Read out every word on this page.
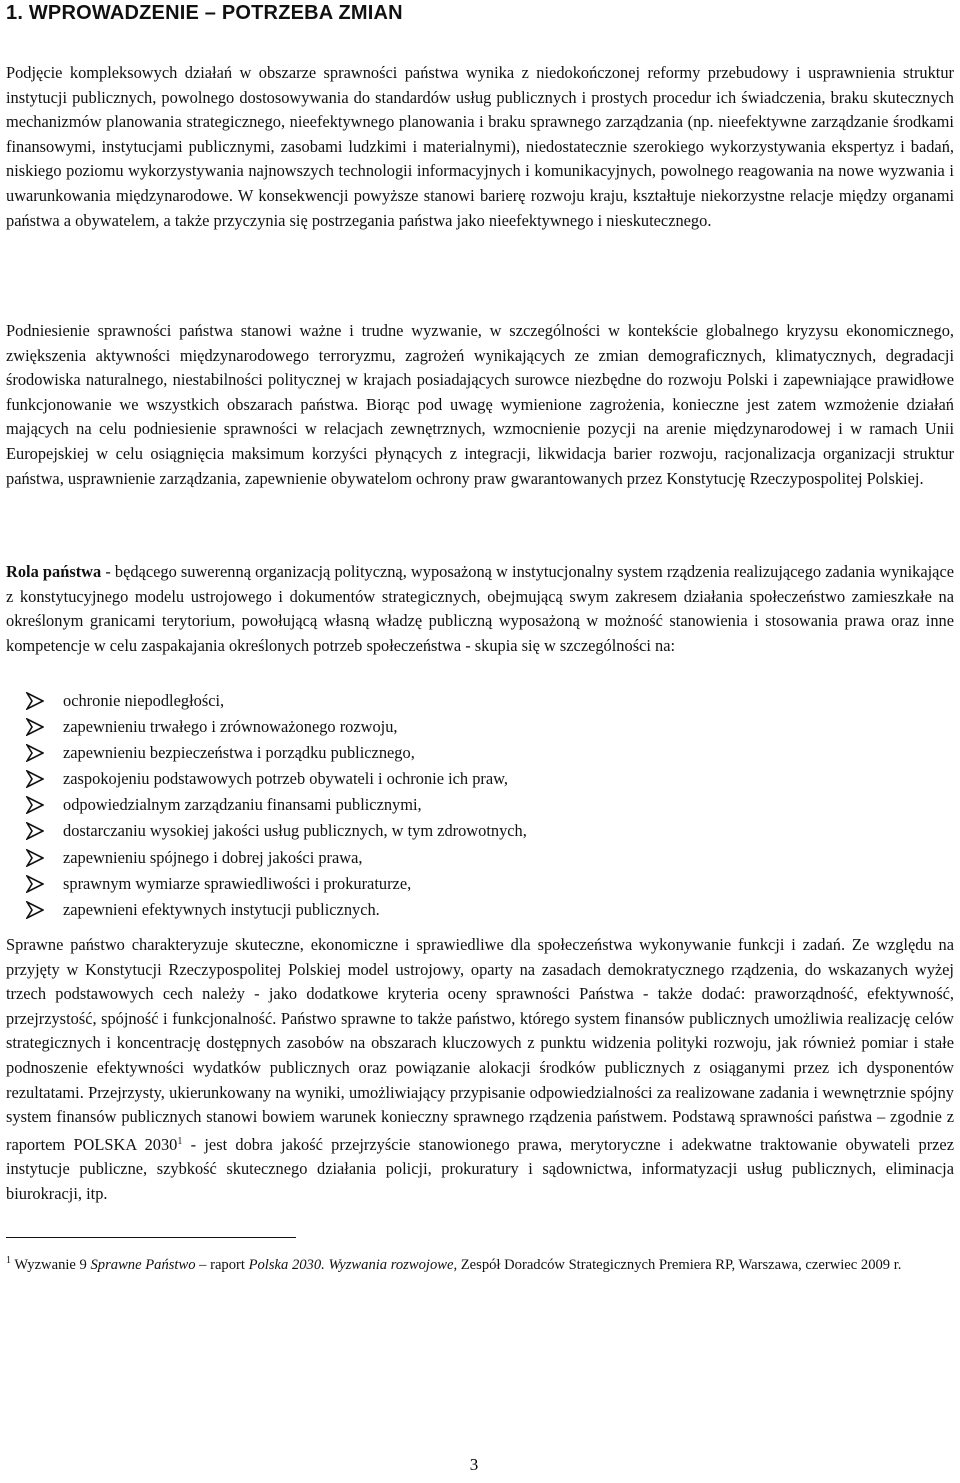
1. WPROWADZENIE – POTRZEBA ZMIAN

Podjęcie kompleksowych działań w obszarze sprawności państwa wynika z niedokończonej reformy przebudowy i usprawnienia struktur instytucji publicznych, powolnego dostosowywania do standardów usług publicznych i prostych procedur ich świadczenia, braku skutecznych mechanizmów planowania strategicznego, nieefektywnego planowania i braku sprawnego zarządzania (np. nieefektywne zarządzanie środkami finansowymi, instytucjami publicznymi, zasobami ludzkimi i materialnymi), niedostatecznie szerokiego wykorzystywania ekspertyz i badań, niskiego poziomu wykorzystywania najnowszych technologii informacyjnych i komunikacyjnych, powolnego reagowania na nowe wyzwania i uwarunkowania międzynarodowe. W konsekwencji powyższe stanowi barierę rozwoju kraju, kształtuje niekorzystne relacje między organami państwa a obywatelem, a także przyczynia się postrzegania państwa jako nieefektywnego i nieskutecznego.

Podniesienie sprawności państwa stanowi ważne i trudne wyzwanie, w szczególności w kontekście globalnego kryzysu ekonomicznego, zwiększenia aktywności międzynarodowego terroryzmu, zagrożeń wynikających ze zmian demograficznych, klimatycznych, degradacji środowiska naturalnego, niestabilności politycznej w krajach posiadających surowce niezbędne do rozwoju Polski i zapewniające prawidłowe funkcjonowanie we wszystkich obszarach państwa. Biorąc pod uwagę wymienione zagrożenia, konieczne jest zatem wzmożenie działań mających na celu podniesienie sprawności w relacjach zewnętrznych, wzmocnienie pozycji na arenie międzynarodowej i w ramach Unii Europejskiej w celu osiągnięcia maksimum korzyści płynących z integracji, likwidacja barier rozwoju, racjonalizacja organizacji struktur państwa, usprawnienie zarządzania, zapewnienie obywatelom ochrony praw gwarantowanych przez Konstytucję Rzeczypospolitej Polskiej.

Rola państwa - będącego suwerenną organizacją polityczną, wyposażoną w instytucjonalny system rządzenia realizującego zadania wynikające z konstytucyjnego modelu ustrojowego i dokumentów strategicznych, obejmującą swym zakresem działania społeczeństwo zamieszkałe na określonym granicami terytorium, powołującą własną władzę publiczną wyposażoną w możność stanowienia i stosowania prawa oraz inne kompetencje w celu zaspakajania określonych potrzeb społeczeństwa - skupia się w szczególności na:

ochronie niepodległości,
zapewnieniu trwałego i zrównoważonego rozwoju,
zapewnieniu bezpieczeństwa i porządku publicznego,
zaspokojeniu podstawowych potrzeb obywateli i ochronie ich praw,
odpowiedzialnym zarządzaniu finansami publicznymi,
dostarczaniu wysokiej jakości usług publicznych, w tym zdrowotnych,
zapewnieniu spójnego i dobrej jakości prawa,
sprawnym wymiarze sprawiedliwości i prokuraturze,
zapewnieni efektywnych instytucji publicznych.

Sprawne państwo charakteryzuje skuteczne, ekonomiczne i sprawiedliwe dla społeczeństwa wykonywanie funkcji i zadań. Ze względu na przyjęty w Konstytucji Rzeczypospolitej Polskiej model ustrojowy, oparty na zasadach demokratycznego rządzenia, do wskazanych wyżej trzech podstawowych cech należy - jako dodatkowe kryteria oceny sprawności Państwa - także dodać: praworządność, efektywność, przejrzystość, spójność i funkcjonalność. Państwo sprawne to także państwo, którego system finansów publicznych umożliwia realizację celów strategicznych i koncentrację dostępnych zasobów na obszarach kluczowych z punktu widzenia polityki rozwoju, jak również pomiar i stałe podnoszenie efektywności wydatków publicznych oraz powiązanie alokacji środków publicznych z osiąganymi przez ich dysponentów rezultatami. Przejrzysty, ukierunkowany na wyniki, umożliwiający przypisanie odpowiedzialności za realizowane zadania i wewnętrznie spójny system finansów publicznych stanowi bowiem warunek konieczny sprawnego rządzenia państwem. Podstawą sprawności państwa – zgodnie z raportem POLSKA 2030$^1$ - jest dobra jakość przejrzyście stanowionego prawa, merytoryczne i adekwatne traktowanie obywateli przez instytucje publiczne, szybkość skutecznego działania policji, prokuratury i sądownictwa, informatyzacji usług publicznych, eliminacja biurokracji, itp.

$^1$ Wyzwanie 9 Sprawne Państwo – raport Polska 2030. Wyzwania rozwojowe, Zespół Doradców Strategicznych Premiera RP, Warszawa, czerwiec 2009 r.

3
